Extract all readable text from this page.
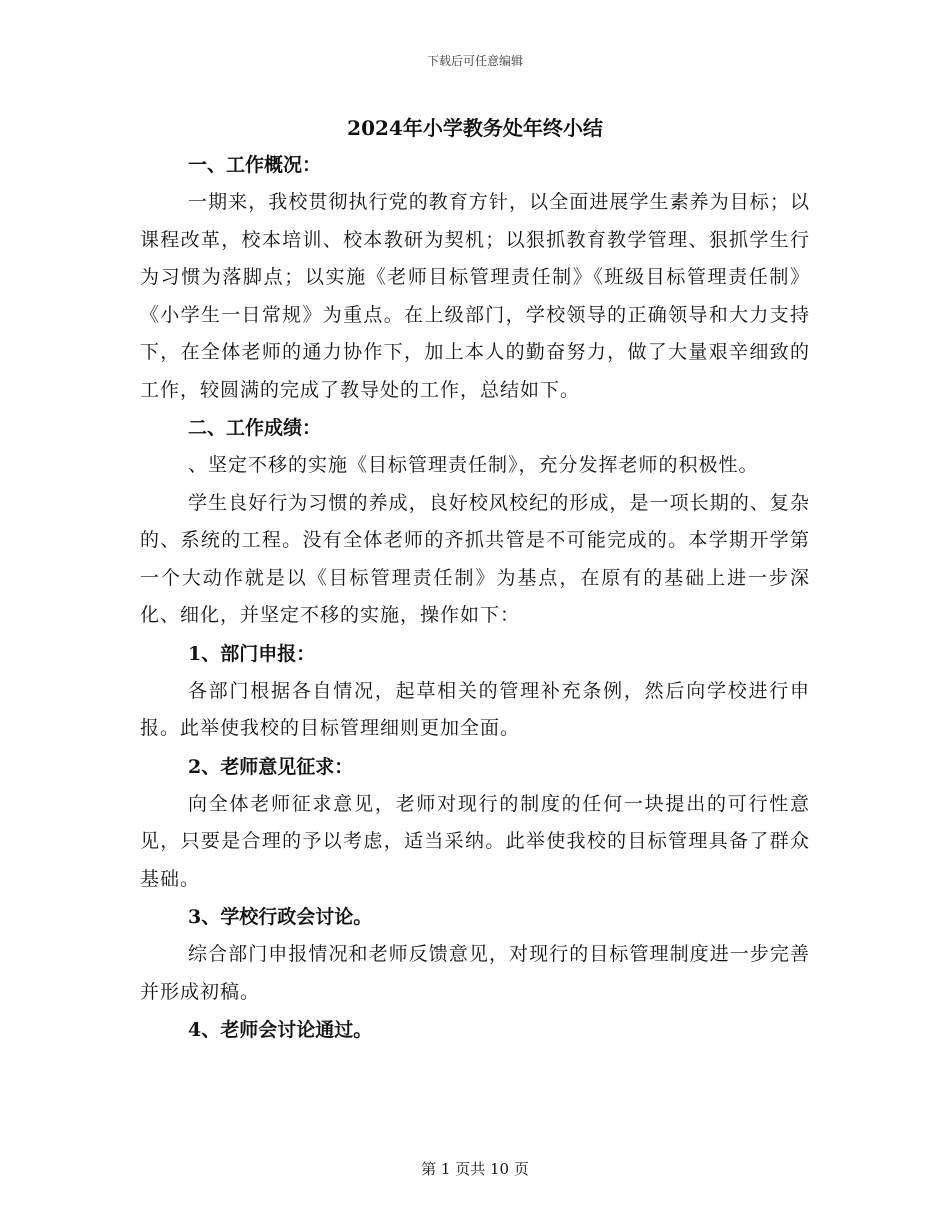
下载后可任意编辑
2024年小学教务处年终小结
一、工作概况：

一期来，我校贯彻执行党的教育方针，以全面进展学生素养为目标；以课程改革，校本培训、校本教研为契机；以狠抓教育教学管理、狠抓学生行为习惯为落脚点；以实施《老师目标管理责任制》《班级目标管理责任制》《小学生一日常规》为重点。在上级部门，学校领导的正确领导和大力支持下，在全体老师的通力协作下，加上本人的勤奋努力，做了大量艰辛细致的工作，较圆满的完成了教导处的工作，总结如下。

二、工作成绩：

、坚定不移的实施《目标管理责任制》，充分发挥老师的积极性。

学生良好行为习惯的养成，良好校风校纪的形成，是一项长期的、复杂的、系统的工程。没有全体老师的齐抓共管是不可能完成的。本学期开学第一个大动作就是以《目标管理责任制》为基点，在原有的基础上进一步深化、细化，并坚定不移的实施，操作如下：

1、部门申报：

各部门根据各自情况，起草相关的管理补充条例，然后向学校进行申报。此举使我校的目标管理细则更加全面。

2、老师意见征求：

向全体老师征求意见，老师对现行的制度的任何一块提出的可行性意见，只要是合理的予以考虑，适当采纳。此举使我校的目标管理具备了群众基础。

3、学校行政会讨论。

综合部门申报情况和老师反馈意见，对现行的目标管理制度进一步完善并形成初稿。

4、老师会讨论通过。
第 1 页共 10 页
